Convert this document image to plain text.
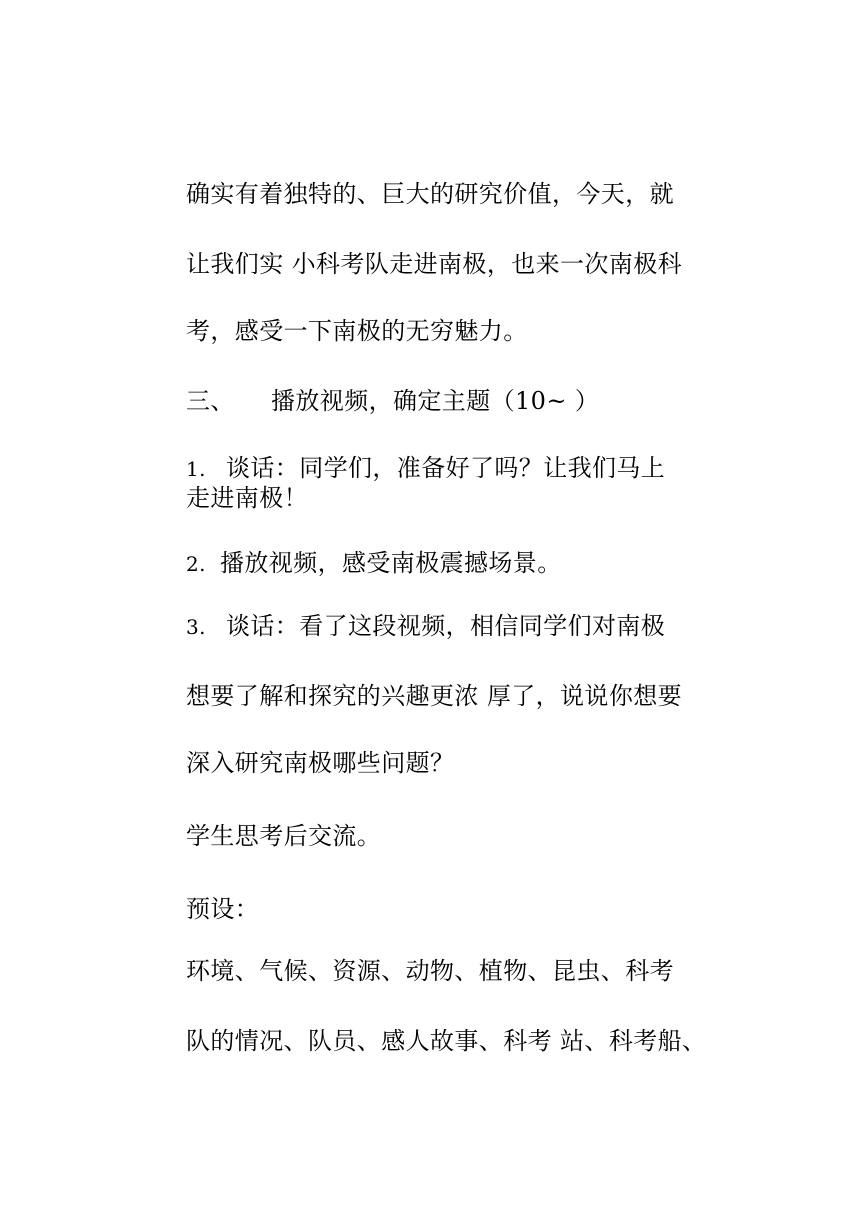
确实有着独特的、巨大的研究价值，今天，就
让我们实 小科考队走进南极，也来一次南极科
考，感受一下南极的无穷魅力。
三、 播放视频，确定主题（10~ ）
1. 谈话：同学们，准备好了吗？让我们马上
走进南极！
2. 播放视频，感受南极震撼场景。
3. 谈话：看了这段视频，相信同学们对南极
想要了解和探究的兴趣更浓 厚了，说说你想要
深入研究南极哪些问题？
学生思考后交流。
预设：
环境、气候、资源、动物、植物、昆虫、科考
队的情况、队员、感人故事、科考 站、科考船、
